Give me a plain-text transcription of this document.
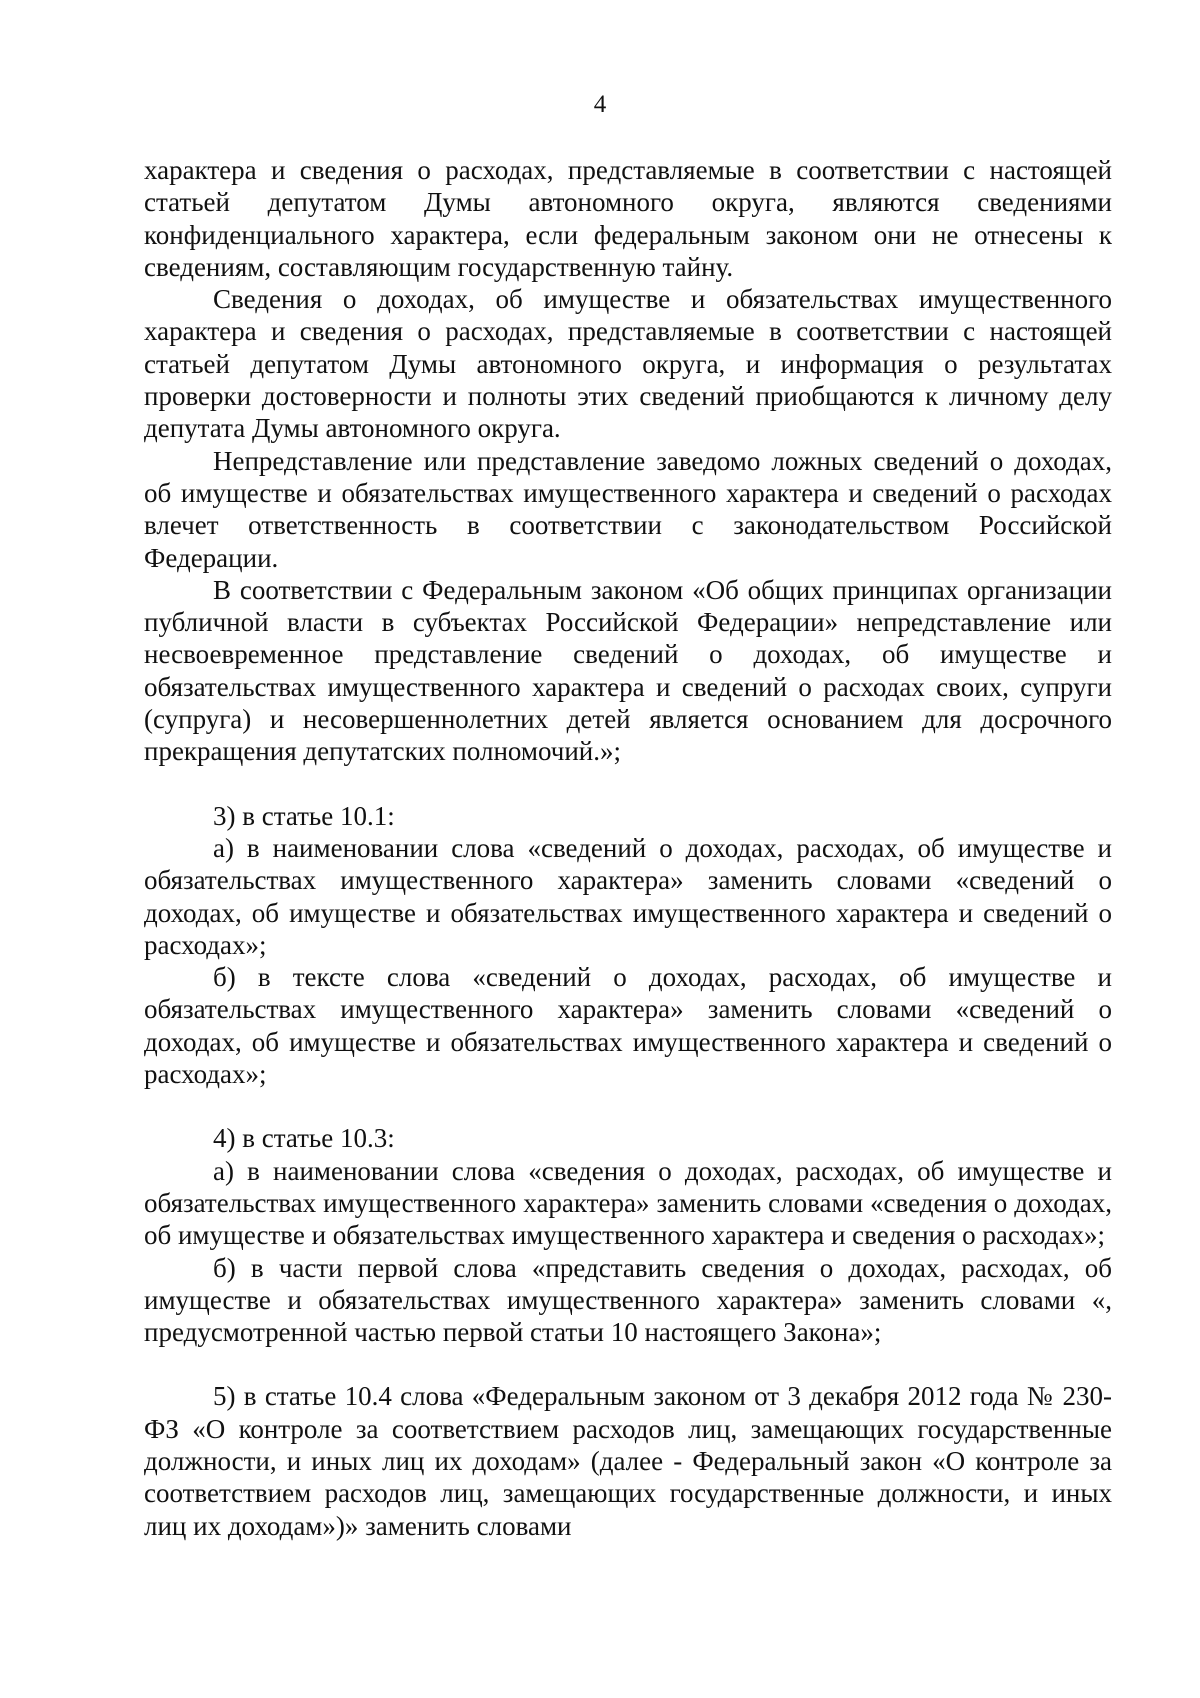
4

характера и сведения о расходах, представляемые в соответствии с настоящей статьей депутатом Думы автономного округа, являются сведениями конфиденциального характера, если федеральным законом они не отнесены к сведениям, составляющим государственную тайну.

Сведения о доходах, об имуществе и обязательствах имущественного характера и сведения о расходах, представляемые в соответствии с настоящей статьей депутатом Думы автономного округа, и информация о результатах проверки достоверности и полноты этих сведений приобщаются к личному делу депутата Думы автономного округа.

Непредставление или представление заведомо ложных сведений о доходах, об имуществе и обязательствах имущественного характера и сведений о расходах влечет ответственность в соответствии с законодательством Российской Федерации.

В соответствии с Федеральным законом «Об общих принципах организации публичной власти в субъектах Российской Федерации» непредставление или несвоевременное представление сведений о доходах, об имуществе и обязательствах имущественного характера и сведений о расходах своих, супруги (супруга) и несовершеннолетних детей является основанием для досрочного прекращения депутатских полномочий.»;

3) в статье 10.1:

а) в наименовании слова «сведений о доходах, расходах, об имуществе и обязательствах имущественного характера» заменить словами «сведений о доходах, об имуществе и обязательствах имущественного характера и сведений о расходах»;

б) в тексте слова «сведений о доходах, расходах, об имуществе и обязательствах имущественного характера» заменить словами «сведений о доходах, об имуществе и обязательствах имущественного характера и сведений о расходах»;

4) в статье 10.3:

а) в наименовании слова «сведения о доходах, расходах, об имуществе и обязательствах имущественного характера» заменить словами «сведения о доходах, об имуществе и обязательствах имущественного характера и сведения о расходах»;

б) в части первой слова «представить сведения о доходах, расходах, об имуществе и обязательствах имущественного характера» заменить словами «, предусмотренной частью первой статьи 10 настоящего Закона»;

5) в статье 10.4 слова «Федеральным законом от 3 декабря 2012 года № 230-ФЗ «О контроле за соответствием расходов лиц, замещающих государственные должности, и иных лиц их доходам» (далее - Федеральный закон «О контроле за соответствием расходов лиц, замещающих государственные должности, и иных лиц их доходам»)» заменить словами
